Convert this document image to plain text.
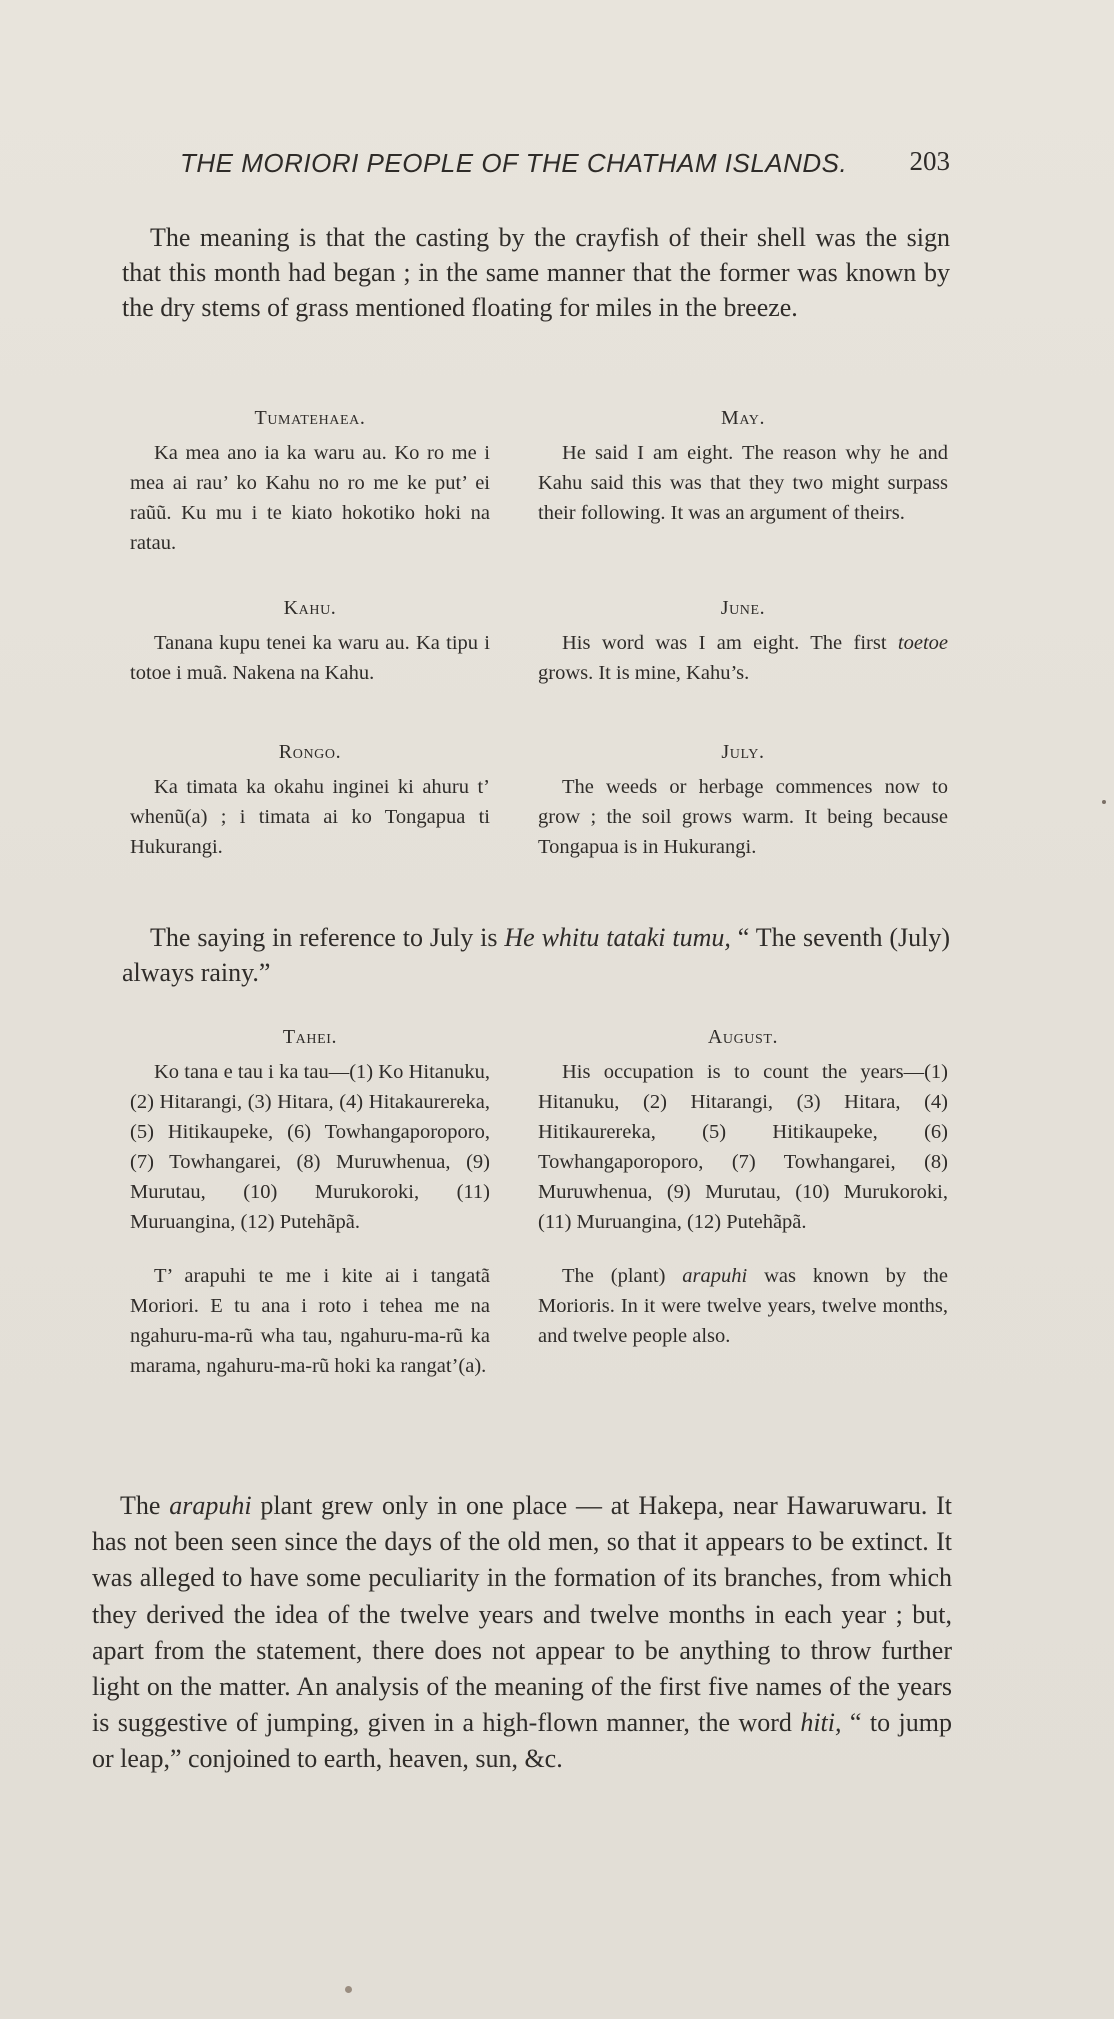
THE MORIORI PEOPLE OF THE CHATHAM ISLANDS. 203

The meaning is that the casting by the crayfish of their shell was the sign that this month had began ; in the same manner that the former was known by the dry stems of grass mentioned floating for miles in the breeze.

Tumatehaea.

Ka mea ano ia ka waru au. Ko ro me i mea ai rau’ ko Kahu no ro me ke put’ ei raũũ. Ku mu i te kiato hokotiko hoki na ratau.

May.

He said I am eight. The reason why he and Kahu said this was that they two might surpass their following. It was an argument of theirs.

Kahu.

Tanana kupu tenei ka waru au. Ka tipu i totoe i muã. Nakena na Kahu.

June.

His word was I am eight. The first toetoe grows. It is mine, Kahu’s.

Rongo.

Ka timata ka okahu inginei ki ahuru t’ whenũ(a) ; i timata ai ko Tongapua ti Hukurangi.

July.

The weeds or herbage commences now to grow ; the soil grows warm. It being because Tongapua is in Hukurangi.

The saying in reference to July is He whitu tataki tumu, “ The seventh (July) always rainy.”

Tahei.

Ko tana e tau i ka tau—(1) Ko Hitanuku, (2) Hitarangi, (3) Hitara, (4) Hitakaurereka, (5) Hitikaupeke, (6) Towhangaporoporo, (7) Towhangarei, (8) Muruwhenua, (9) Murutau, (10) Murukoroki, (11) Muruangina, (12) Putehãpã.

T’ arapuhi te me i kite ai i tangatã Moriori. E tu ana i roto i tehea me na ngahuru-ma-rũ wha tau, ngahuru-ma-rũ ka marama, ngahuru-ma-rũ hoki ka rangat’(a).

August.

His occupation is to count the years—(1) Hitanuku, (2) Hitarangi, (3) Hitara, (4) Hitikaurereka, (5) Hitikaupeke, (6) Towhangaporoporo, (7) Towhangarei, (8) Muruwhenua, (9) Murutau, (10) Murukoroki, (11) Muruangina, (12) Putehãpã.

The (plant) arapuhi was known by the Morioris. In it were twelve years, twelve months, and twelve people also.

The arapuhi plant grew only in one place — at Hakepa, near Hawaruwaru. It has not been seen since the days of the old men, so that it appears to be extinct. It was alleged to have some peculiarity in the formation of its branches, from which they derived the idea of the twelve years and twelve months in each year ; but, apart from the statement, there does not appear to be anything to throw further light on the matter. An analysis of the meaning of the first five names of the years is suggestive of jumping, given in a high-flown manner, the word hiti, “ to jump or leap,” conjoined to earth, heaven, sun, &c.
